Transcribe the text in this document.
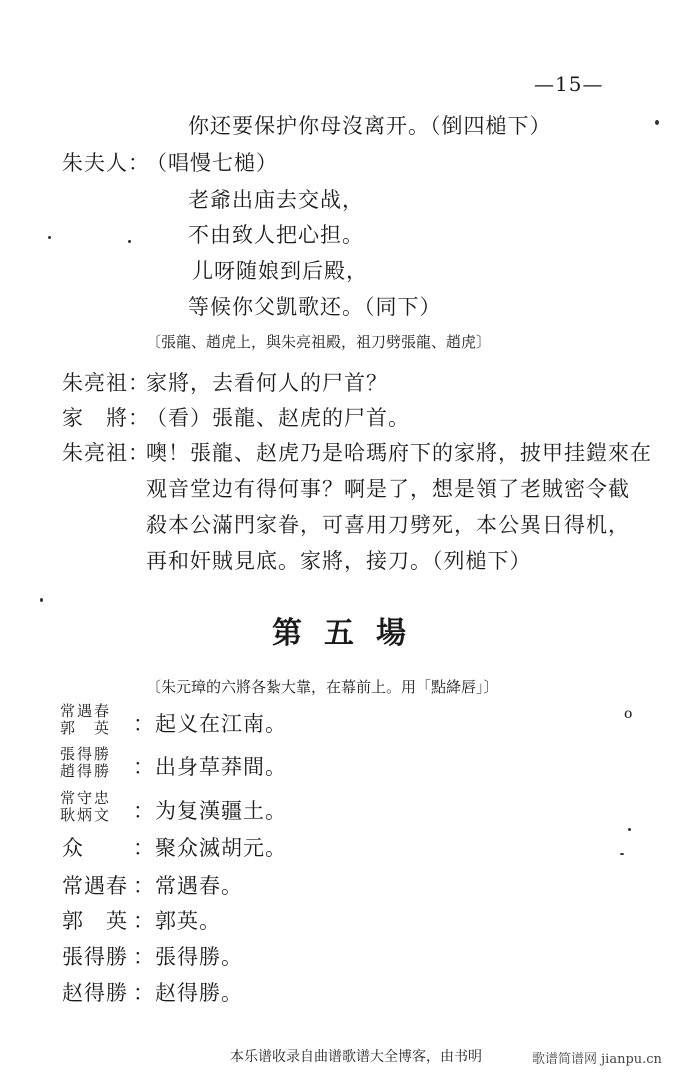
—15—
你还要保护你母沒离开。（倒四槌下）
朱夫人：
（唱慢七槌）
老爺出庙去交战，
不由致人把心担。
儿呀随娘到后殿，
等候你父凱歌还。（同下）
〔張龍、趙虎上，與朱亮祖殿，祖刀劈張龍、趙虎〕
朱亮祖：
家將，去看何人的尸首？
家　將：
（看）張龍、赵虎的尸首。
朱亮祖：
噢！張龍、赵虎乃是哈瑪府下的家將，披甲挂鎧來在
观音堂边有得何事？啊是了，想是領了老賊密令截
殺本公滿門家眷，可喜用刀劈死，本公異日得机，
再和奸賊見底。家將，接刀。（列槌下）
第五場
〔朱元璋的六將各紮大靠，在幕前上。用「點絳唇」〕
常遇春
郭　英 ：起义在江南。
張得勝
趙得勝 ：出身草莽間。
常守忠
耿炳文 ：为复漢疆土。
众 ：聚众滅胡元。
常遇春 ：常遇春。
郭　英 ：郭英。
張得勝 ：張得勝。
赵得勝 ：赵得勝。
o
本乐谱收录自曲谱歌谱大全博客，由书明	歌谱简谱网 jianpu.cn
